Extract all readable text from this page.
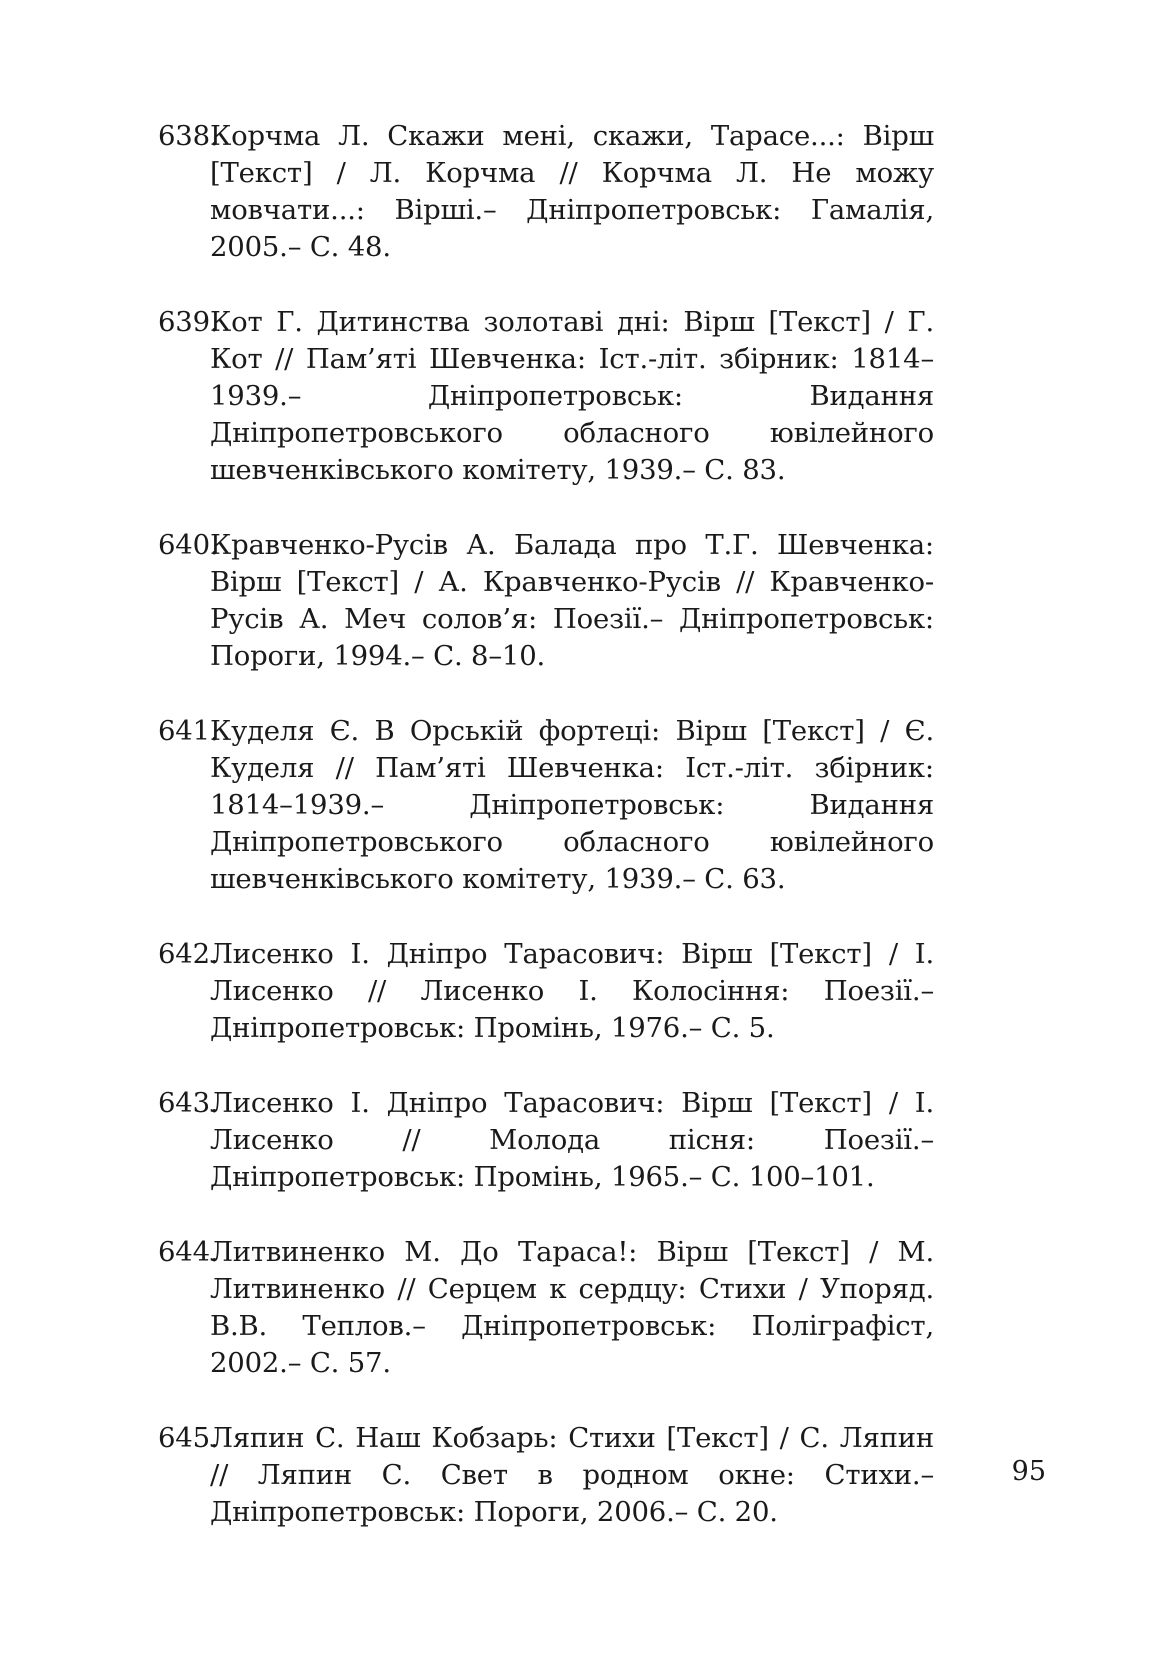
638.
Корчма Л. Скажи мені, скажи, Тарасе...: Вірш [Текст] / Л. Корчма // Корчма Л. Не можу мовчати...: Вірші.– Дніпропетровськ: Гамалія, 2005.– С. 48.
639.
Кот Г. Дитинства золотаві дні: Вірш [Текст] / Г. Кот // Пам’яті Шевченка: Іст.-літ. збірник: 1814–1939.– Дніпропетровськ: Видання Дніпропетровського обласного ювілейного шевченківського комітету, 1939.– С. 83.
640.
Кравченко-Русів А. Балада про Т.Г. Шевченка: Вірш [Текст] / А. Кравченко-Русів // Кравченко-Русів А. Меч солов’я: Поезії.– Дніпропетровськ: Пороги, 1994.– С. 8–10.
641.
Куделя Є. В Орській фортеці: Вірш [Текст] / Є. Куделя // Пам’яті Шевченка: Іст.-літ. збірник: 1814–1939.– Дніпропетровськ: Видання Дніпропетровського обласного ювілейного шевченківського комітету, 1939.– С. 63.
642.
Лисенко І. Дніпро Тарасович: Вірш [Текст] / І. Лисенко // Лисенко І. Колосіння: Поезії.– Дніпропетровськ: Промінь, 1976.– С. 5.
643.
Лисенко І. Дніпро Тарасович: Вірш [Текст] / І. Лисенко // Молода пісня: Поезії.– Дніпропетровськ: Промінь, 1965.– С. 100–101.
644.
Литвиненко М. До Тараса!: Вірш [Текст] / М. Литвиненко // Серцем к сердцу: Стихи / Упоряд. В.В. Теплов.– Дніпропетровськ: Поліграфіст, 2002.– С. 57.
645.
Ляпин С. Наш Кобзарь: Стихи [Текст] / С. Ляпин // Ляпин С. Свет в родном окне: Стихи.– Дніпропетровськ: Пороги, 2006.– С. 20.
95
